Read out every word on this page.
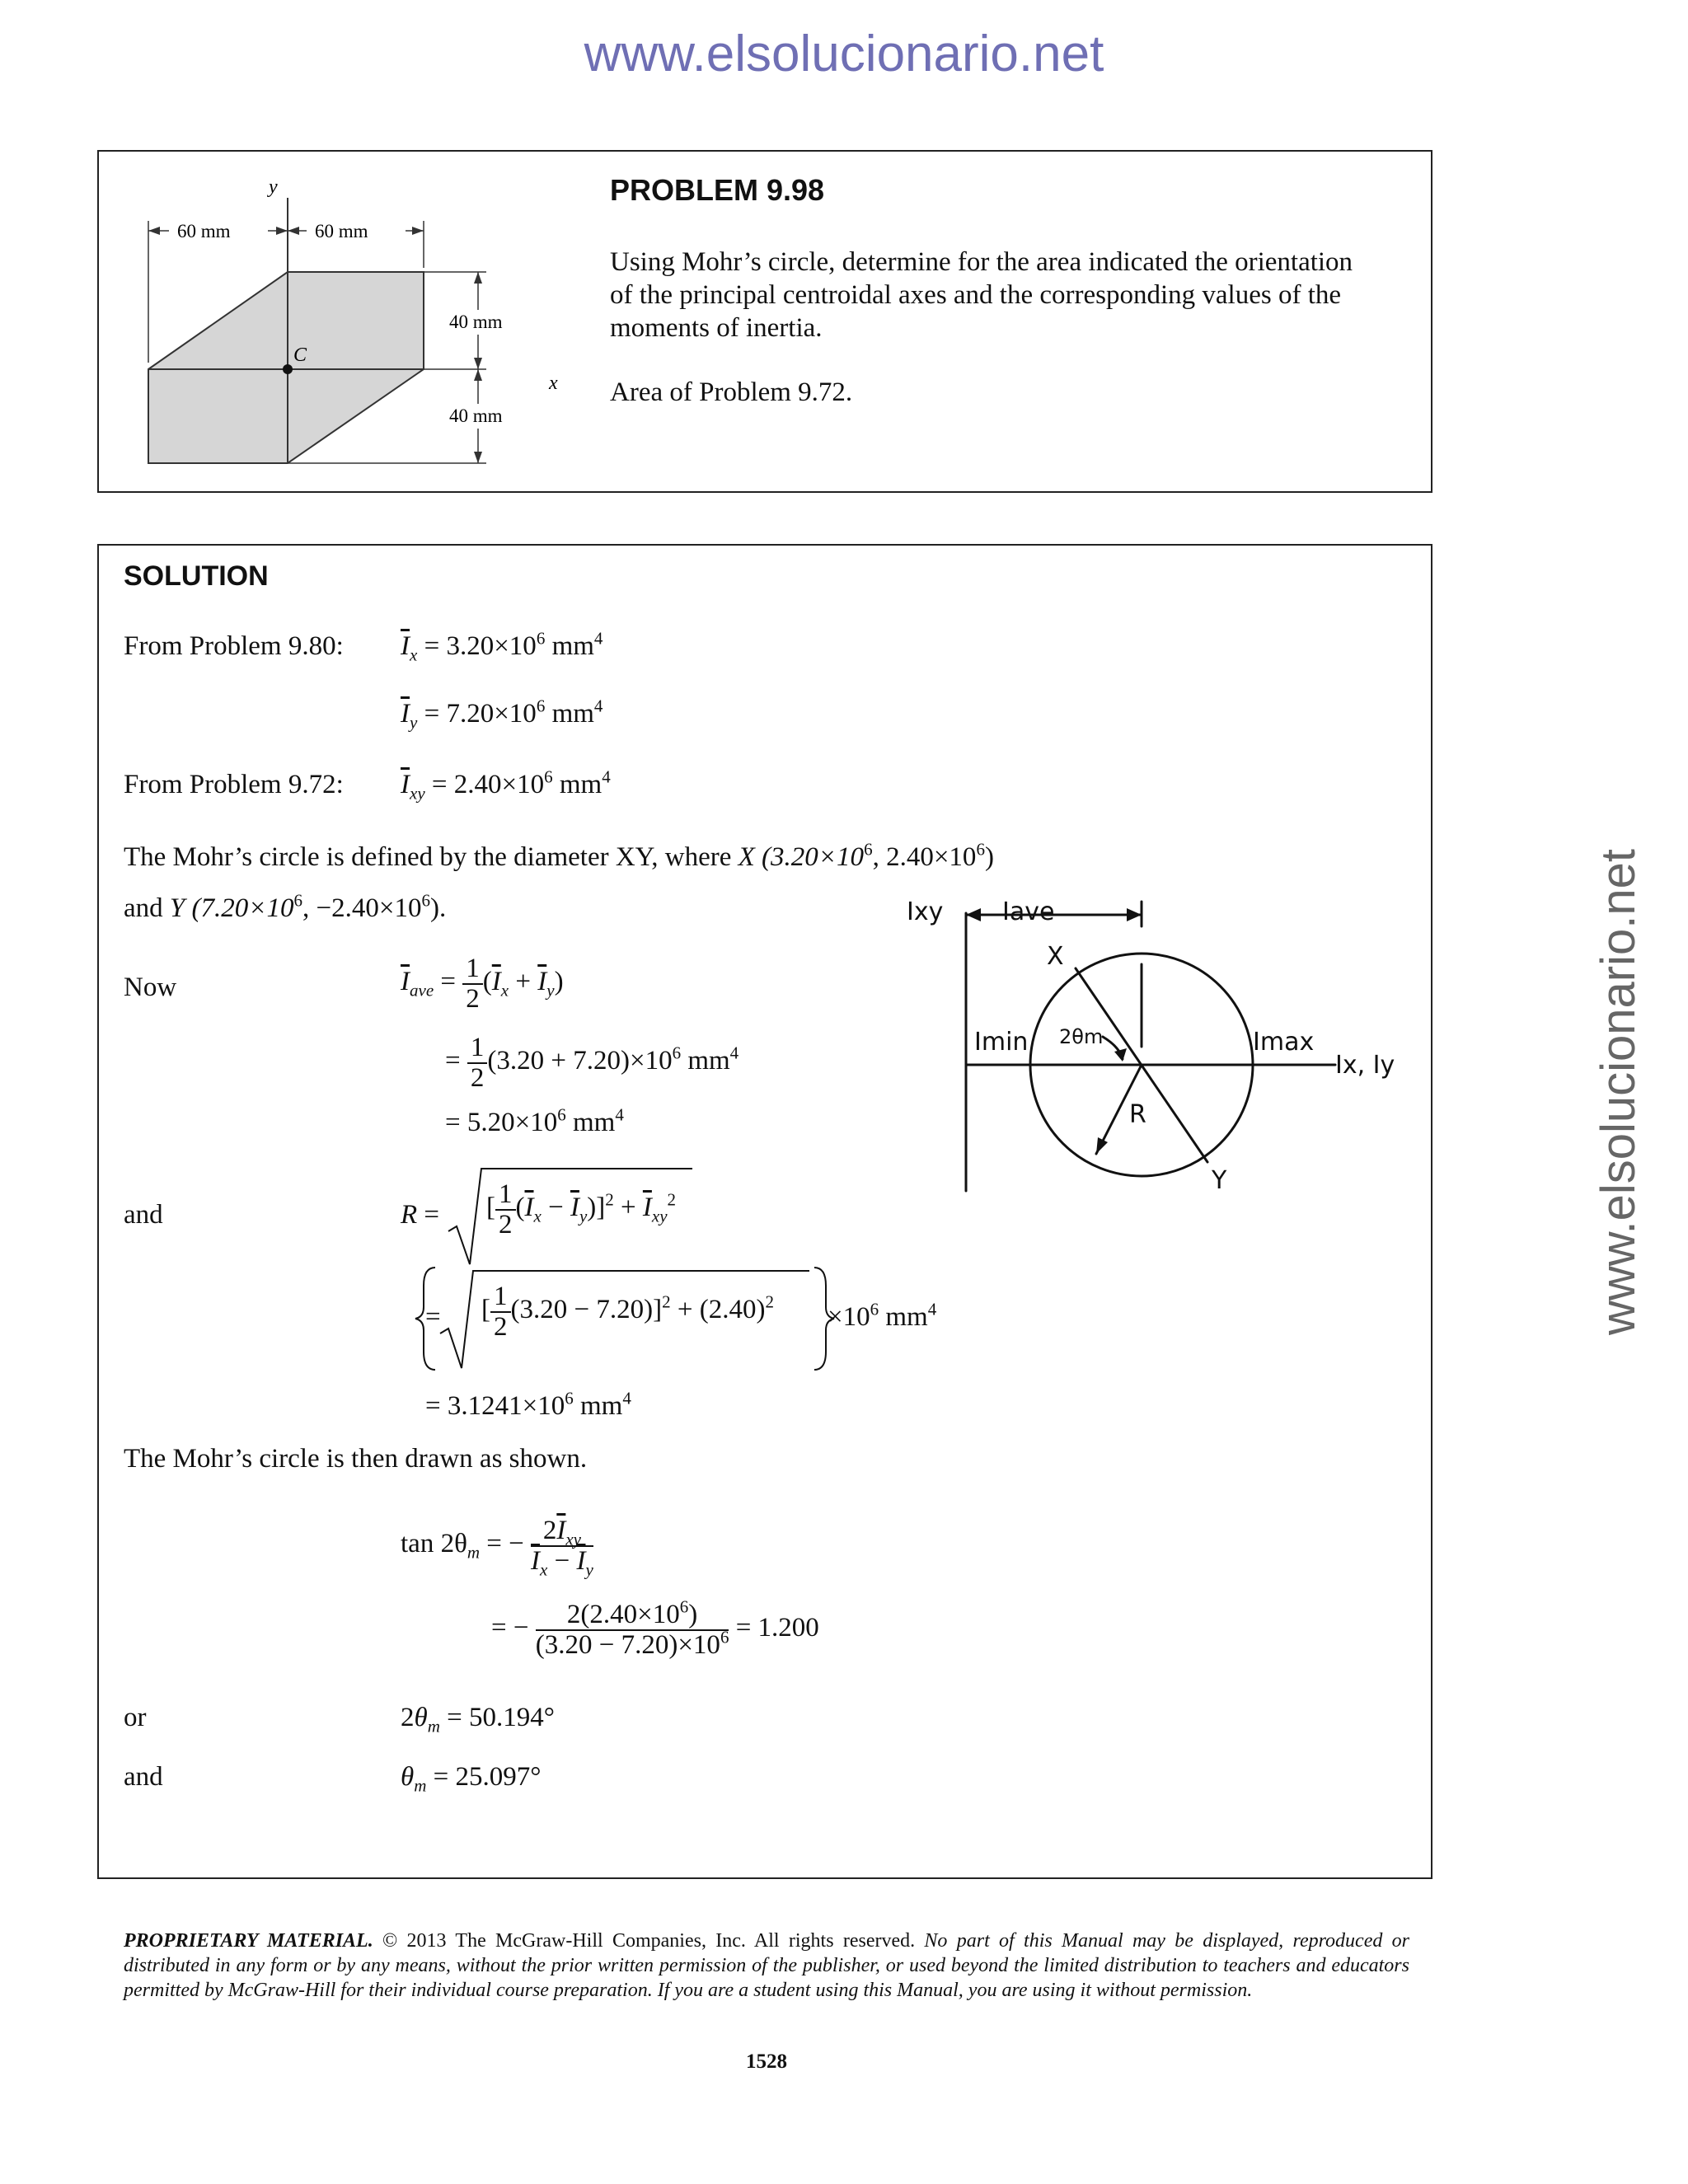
www.elsolucionario.net
www.elsolucionario.net
60 mm	60 mm
40 mm
40 mm
y
x
C
PROBLEM 9.98
Using Mohr’s circle, determine for the area indicated the orientation
of the principal centroidal axes and the corresponding values of the
moments of inertia.
Area of Problem 9.72.
SOLUTION
From Problem 9.80: $\overline{I}_x = 3.20\times 10^6$ $mm^4$
$\overline{I}_y = 7.20\times 10^6$ $mm^4$
From Problem 9.72: $\overline{I}_{xy} = 2.40\times 10^6$ $mm^4$
The Mohr’s circle is defined by the diameter XY, where X ($3.20\times 10^6$, $2.40\times 10^6$)
and Y ($7.20\times 10^6$, $-2.40\times 10^6$).
Now	$\overline{I}_{ave} = \frac{1}{2} (\overline{I}_x + \overline{I}_y)$
= $\frac{1}{2} (3.20 + 7.20)\times 10^6$ $mm^4$
= $5.20\times 10^6$ $mm^4$
and	R = [ $\frac{1}{2} (\overline{I}_x - \overline{I}_y)]^2 + \overline{I}_{xy}^2$
= [ $\frac{1}{2} (3.20 - 7.20)]^2 + (2.40)^2$
$\times 10^6$ $mm^4$
= $3.1241\times 10^6$ $mm^4$
The Mohr’s circle is then drawn as shown.
$\tan 2\theta_m$ = − $\frac{2\overline{I}_{xy}}{\overline{I}_x - \overline{I}_y}$
= − $\frac{2(2.40\times 10^6)}{(3.20 - 7.20)\times 10^6} = 1.200$
or	$2\theta_m = 50.194^\circ$
and	$\theta_m = 25.097^\circ$
Ixy Iave
Imin	Imax
Ix, Iy
2θm
R
X
Y
PROPRIETARY MATERIAL. © 2013 The McGraw-Hill Companies, Inc. All rights reserved. No part of this Manual may be displayed, reproduced or distributed in any form or by any means, without the prior written permission of the publisher, or used beyond the limited distribution to teachers and educators permitted by McGraw-Hill for their individual course preparation. If you are a student using this Manual, you are using it without permission.
1528
